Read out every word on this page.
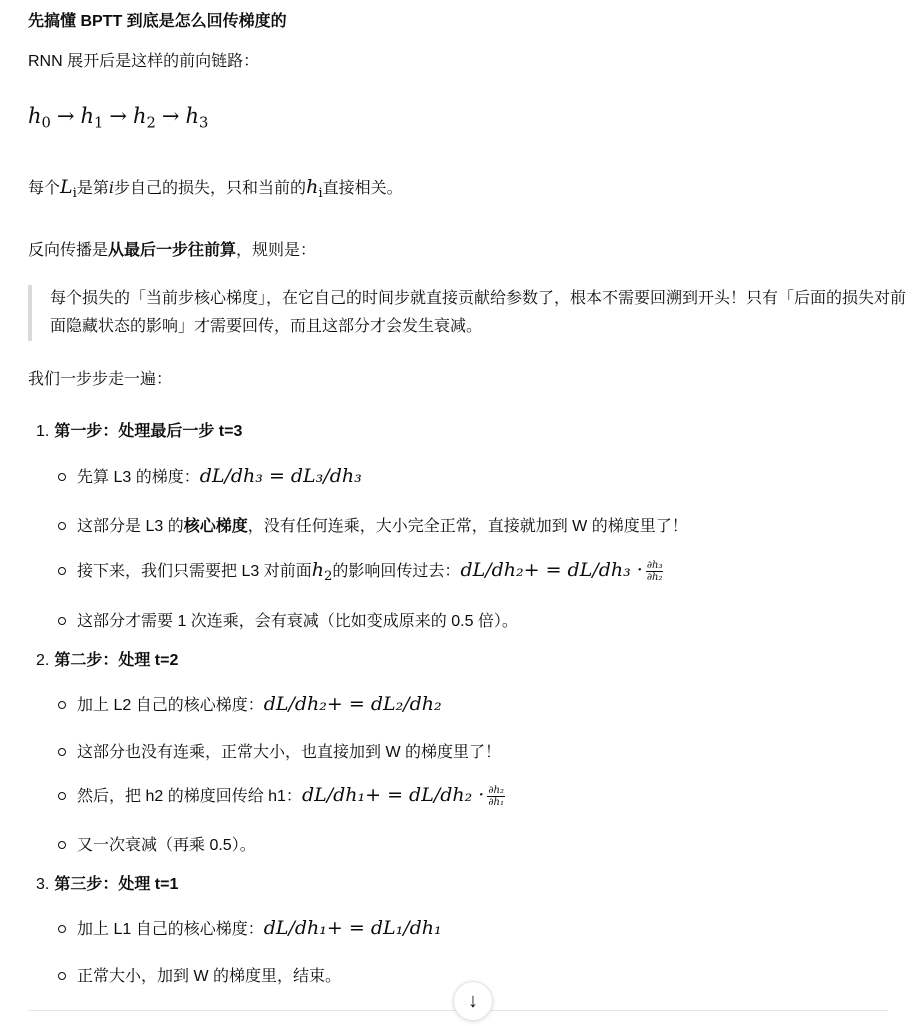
先搞懂 BPTT 到底是怎么回传梯度的
RNN 展开后是这样的前向链路：
$h_0 \to h_1 \to h_2 \to h_3$
每个$L_i$是第i步自己的损失，只和当前的$h_i$直接相关。
反向传播是从最后一步往前算，规则是：
每个损失的「当前步核心梯度」，在它自己的时间步就直接贡献给参数了，根本不需要回溯到开头！只有「后面的损失对前面隐藏状态的影响」才需要回传，而且这部分才会发生衰减。
我们一步步走一遍：
1. 第一步：处理最后一步 t=3
先算 L3 的梯度：dL/dh₃ = dL₃/dh₃
这部分是 L3 的核心梯度，没有任何连乘，大小完全正常，直接就加到 W 的梯度里了！
接下来，我们只需要把 L3 对前面$h_2$的影响回传过去：$dL/dh_2+ = dL/dh_3 \cdot \frac{\text{∂h₃}}{\text{∂h₂}}$
这部分才需要 1 次连乘，会有衰减（比如变成原来的 0.5 倍）。
2. 第二步：处理 t=2
加上 L2 自己的核心梯度：dL/dh₂+ = dL₂/dh₂
这部分也没有连乘，正常大小，也直接加到 W 的梯度里了！
然后，把 h2 的梯度回传给 h1：$dL/dh_1+ = dL/dh_2 \cdot \frac{\text{∂h₂}}{\text{∂h₁}}$
又一次衰减（再乘 0.5）。
3. 第三步：处理 t=1
加上 L1 自己的核心梯度：dL/dh₁+ = dL₁/dh₁
正常大小，加到 W 的梯度里，结束。
↓
